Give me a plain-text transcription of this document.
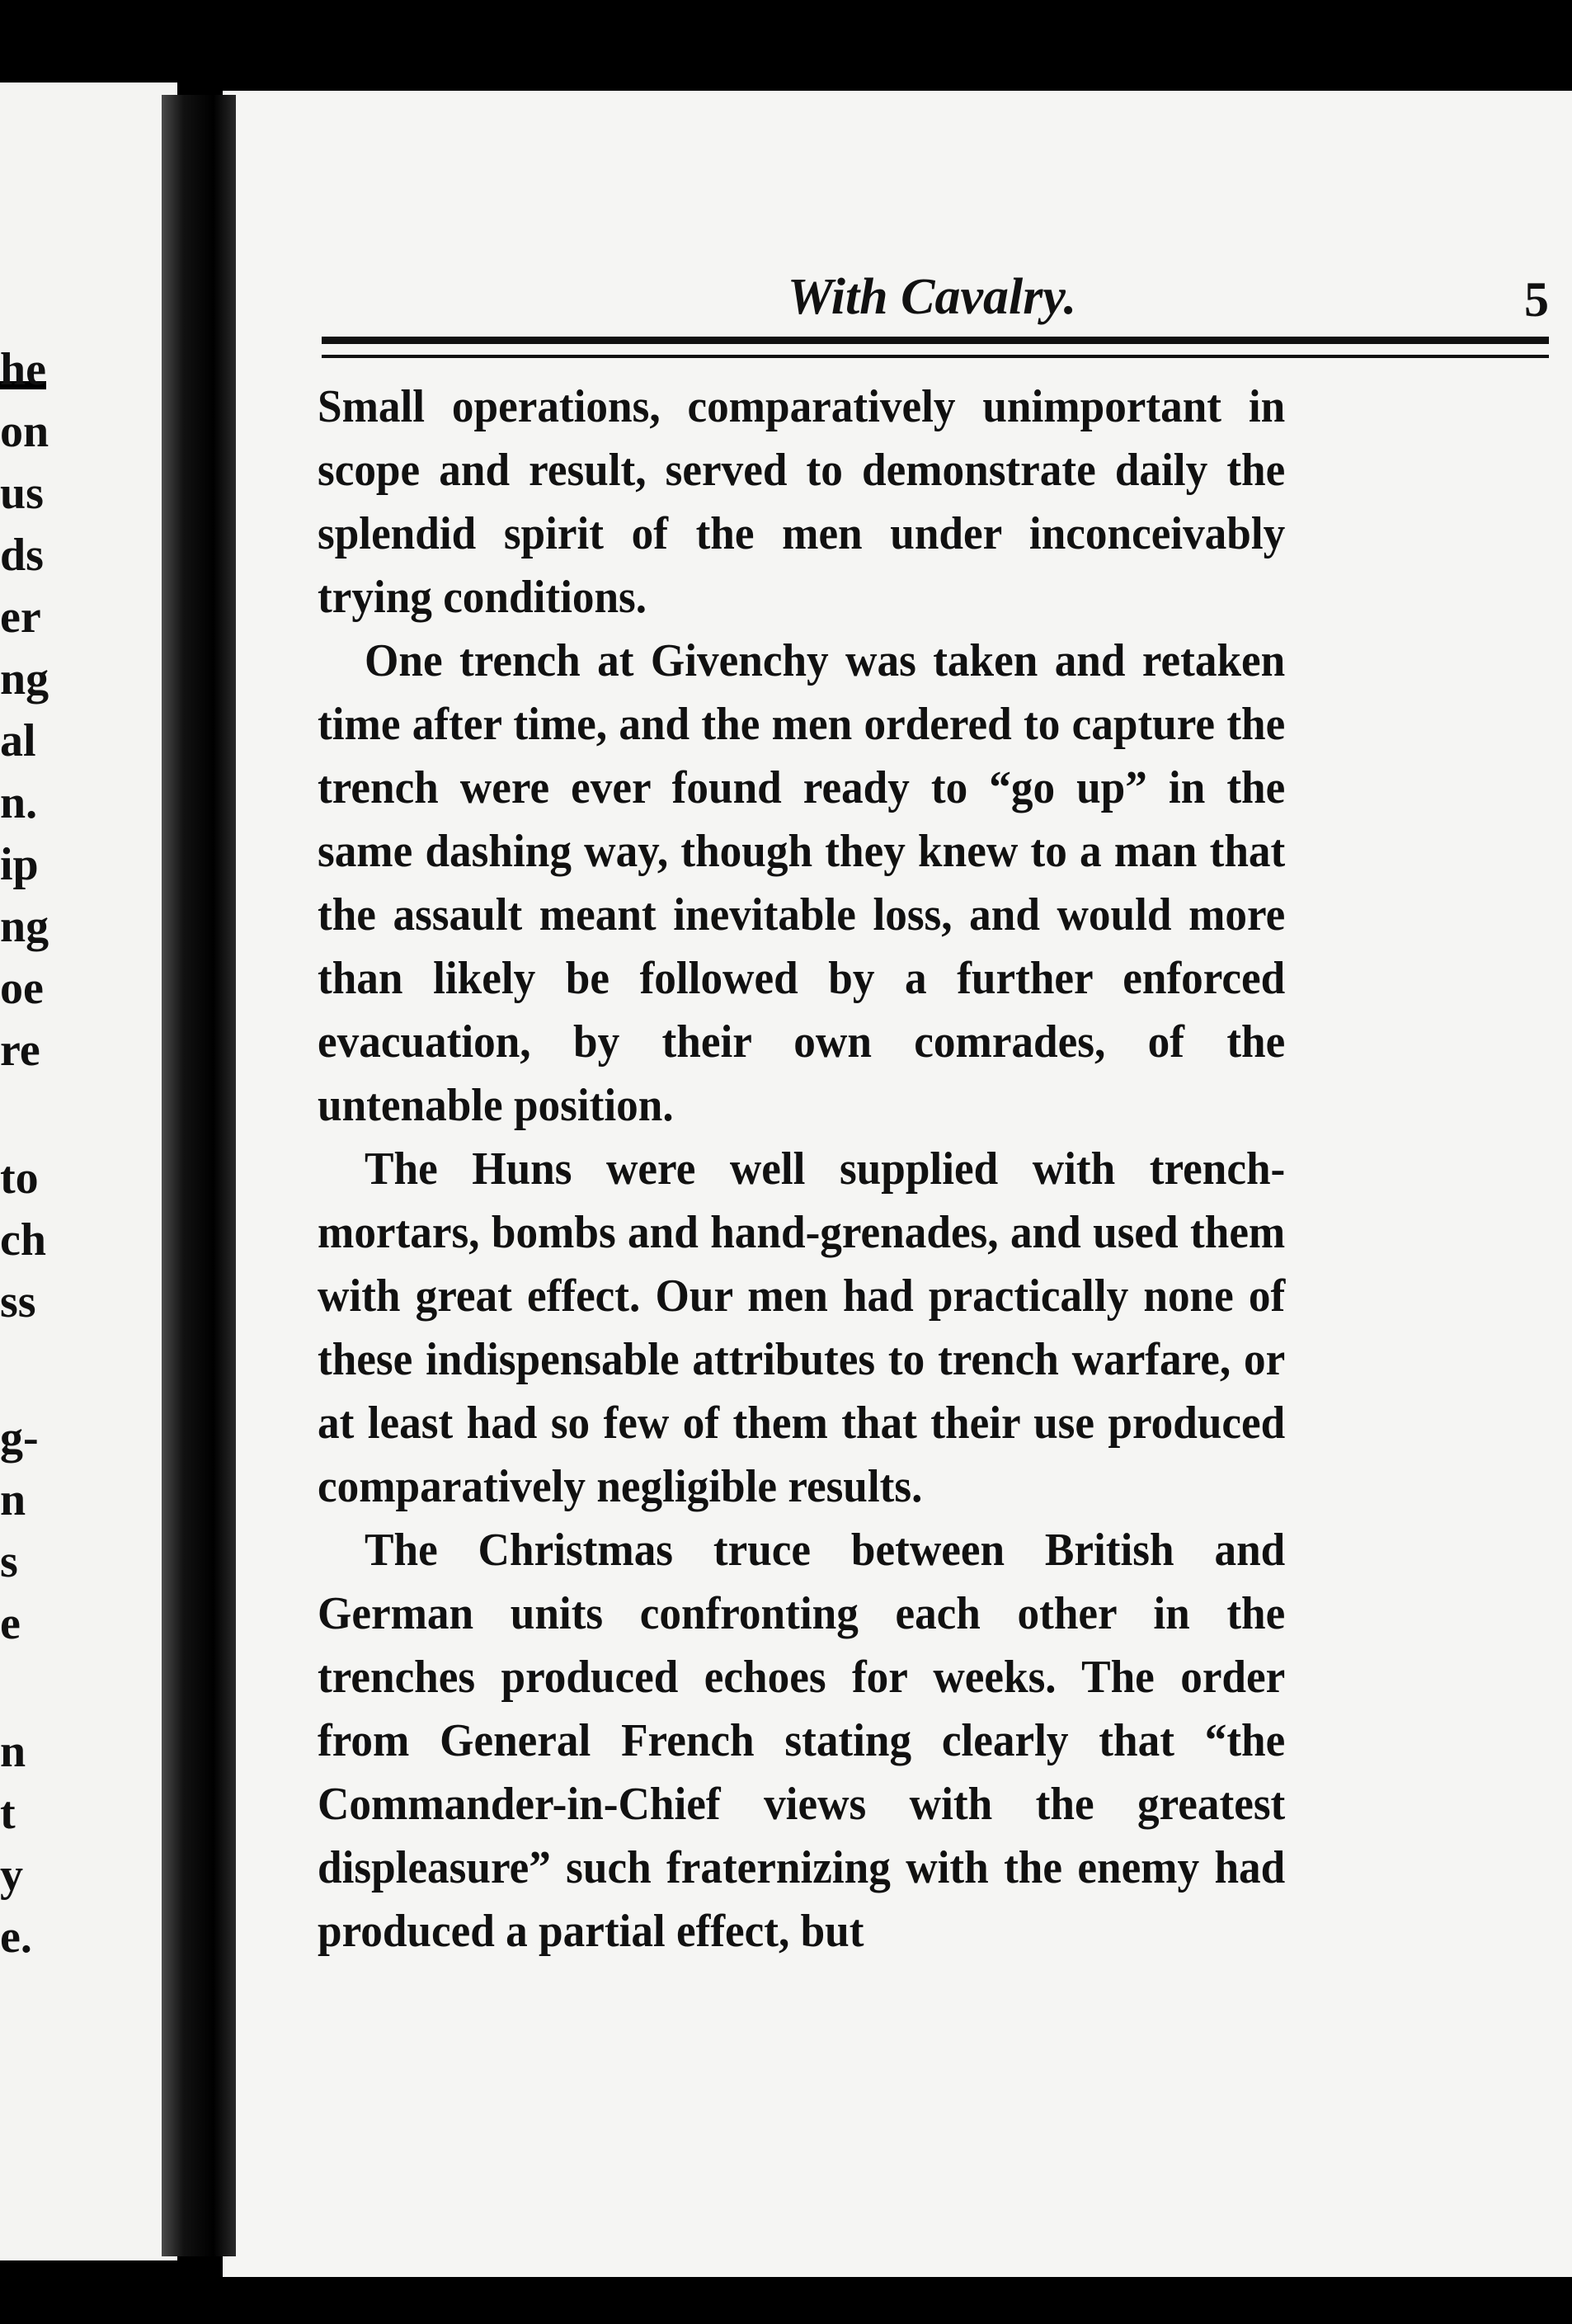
he
on
us
ds
er
ng
al
n.
ip
ng
oe
re
to
ch
ss
g-
n
s
e
n
t
y
e.
With Cavalry.	5

Small operations, comparatively unimportant in scope and result, served to demonstrate daily the splendid spirit of the men under inconceivably trying conditions.

One trench at Givenchy was taken and retaken time after time, and the men ordered to capture the trench were ever found ready to “go up” in the same dashing way, though they knew to a man that the assault meant inevitable loss, and would more than likely be followed by a further enforced evacuation, by their own comrades, of the untenable position.

The Huns were well supplied with trench-mortars, bombs and hand-grenades, and used them with great effect. Our men had practically none of these indispensable attributes to trench warfare, or at least had so few of them that their use produced comparatively negligible results.

The Christmas truce between British and German units confronting each other in the trenches produced echoes for weeks. The order from General French stating clearly that “the Commander-in-Chief views with the greatest displeasure” such fraternizing with the enemy had produced a partial effect, but
